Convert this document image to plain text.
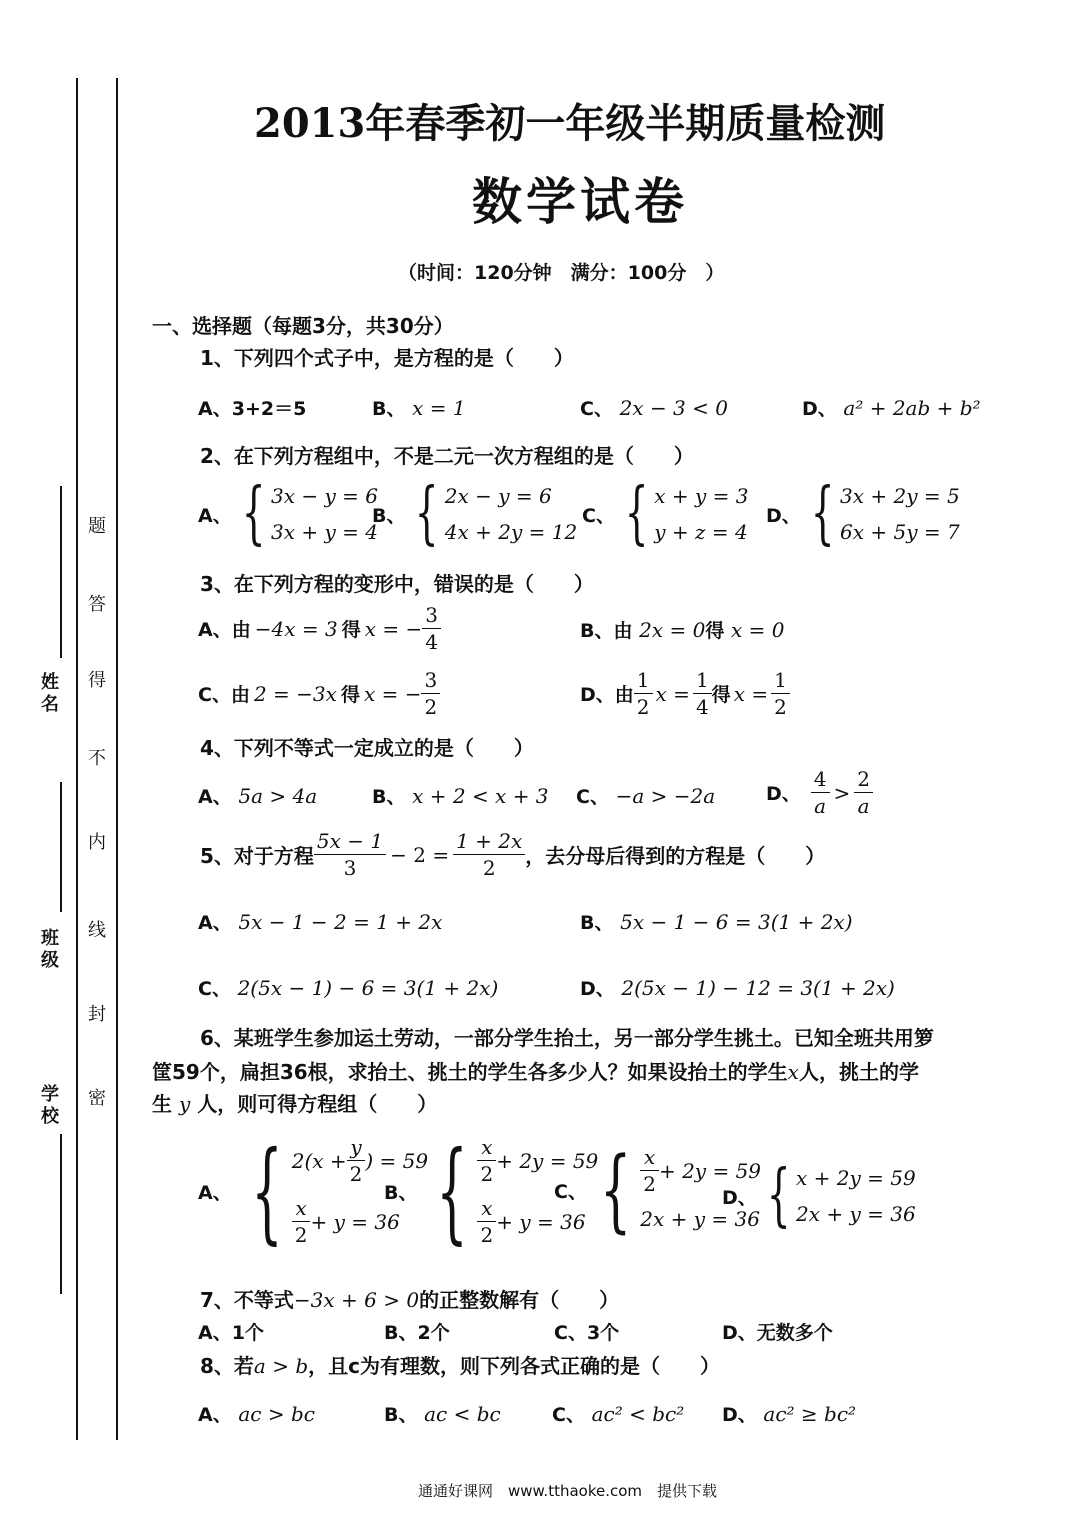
题
答
得
不
内
线
封
密
姓名
班级
学校
2013年春季初一年级半期质量检测
数学试卷
（时间：120分钟　满分：100分　）
一、选择题（每题3分，共30分）
1、下列四个式子中，是方程的是（　　）
A、3+2＝5	B、 x = 1	C、 2x − 3 < 0	D、 a² + 2ab + b²
2、在下列方程组中，不是二元一次方程组的是（　　）
A、 { 3x − y = 6
3x + y = 4
B、 { 2x − y = 6
4x + 2y = 12
C、 { x + y = 3
y + z = 4
D、 { 3x + 2y = 5
6x + 5y = 7
3、在下列方程的变形中，错误的是（　　）
A、 由 −4x = 3 得 x = − $\frac{3}{4}$	B、由 2x = 0得 x = 0
C、 由 2 = −3x 得 x = − $\frac{3}{2}$	D、 由 $\frac{1}{2}$ $x = \frac{1}{4}$ 得 $x = \frac{1}{2}$
4、下列不等式一定成立的是（　　）
A、 5a > 4a	B、 x + 2 < x + 3 C、 −a > −2a	D、 $\frac{4}{a} > \frac{2}{a}$
5、对于方程 $\frac{5x - 1}{3} - 2 = \frac{1 + 2x}{2}$ ，去分母后得到的方程是（　　）
A、 5x − 1 − 2 = 1 + 2x	B、 5x − 1 − 6 = 3(1 + 2x)
C、 2(5x − 1) − 6 = 3(1 + 2x)	D、 2(5x − 1) − 12 = 3(1 + 2x)
6、某班学生参加运土劳动，一部分学生抬土，另一部分学生挑土。已知全班共用箩
筐59个，扁担36根，求抬土、挑土的学生各多少人？如果设抬土的学生x人，挑土的学
生 y 人，则可得方程组（　　）
A、 { $2(x + \frac{y}{2}$ ) = 59
$\frac{x}{2} + y = 36$
B、 { $\frac{x}{2} + 2y = 59$
$\frac{x}{2} + y = 36$
C、 { $\frac{x}{2} + 2y = 59$
2x + y = 36
D、 { x + 2y = 59
2x + y = 36
7、不等式−3x + 6 > 0的正整数解有（　　）
A、1个	B、2个	C、3个	D、无数多个
8、若a > b，且c为有理数，则下列各式正确的是（　　）
A、 ac > bc	B、 ac < bc	C、 ac² < bc² D、 ac² ≥ bc²
通通好课网　www.tthaoke.com　提供下载
